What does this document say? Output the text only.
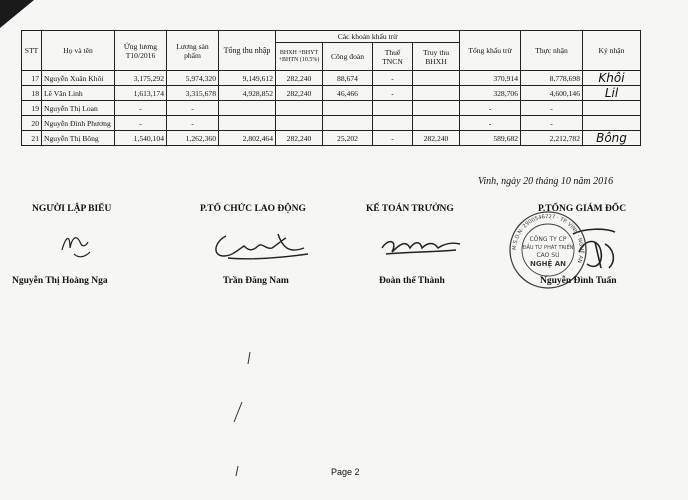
STT	Họ và tên	Ứng lương T10/2016	Lương sản phẩm	Tổng thu nhập	Các khoản khấu trừ				Tổng khấu trừ	Thực nhận	Ký nhận
					BHXH +BHYT +BHTN (10.5%)	Công đoàn	Thuế TNCN	Truy thu BHXH			
17	Nguyễn Xuân Khôi	3,175,292	5,974,320	9,149,612	282,240	88,674	-		370,914	8,778,698	Khôi
18	Lê Văn Linh	1,613,174	3,315,678	4,928,852	282,240	46,466	-		328,706	4,600,146	Lil
19	Nguyễn Thị Loan	-	-						-	-	
20	Nguyễn Đình Phương	-	-						-	-	
21	Nguyễn Thị Bông	1,540,104	1,262,360	2,802,464	282,240	25,202	-	282,240	589,682	2,212,782	Bông
Vinh, ngày 20 tháng 10 năm 2016
NGƯỜI LẬP BIỂU	P.TỔ CHỨC LAO ĐỘNG	KẾ TOÁN TRƯỞNG	P.TỔNG GIÁM ĐỐC
M.S.D.N: 2900546727 · TP. VINH · NGHỆ AN
CÔNG TY CP
ĐẦU TƯ PHÁT TRIỂN
CAO SU
NGHỆ AN
Nguyễn Thị Hoàng Nga	Trần Đăng Nam	Đoàn thế Thành	Nguyễn Đình Tuấn
Page 2
